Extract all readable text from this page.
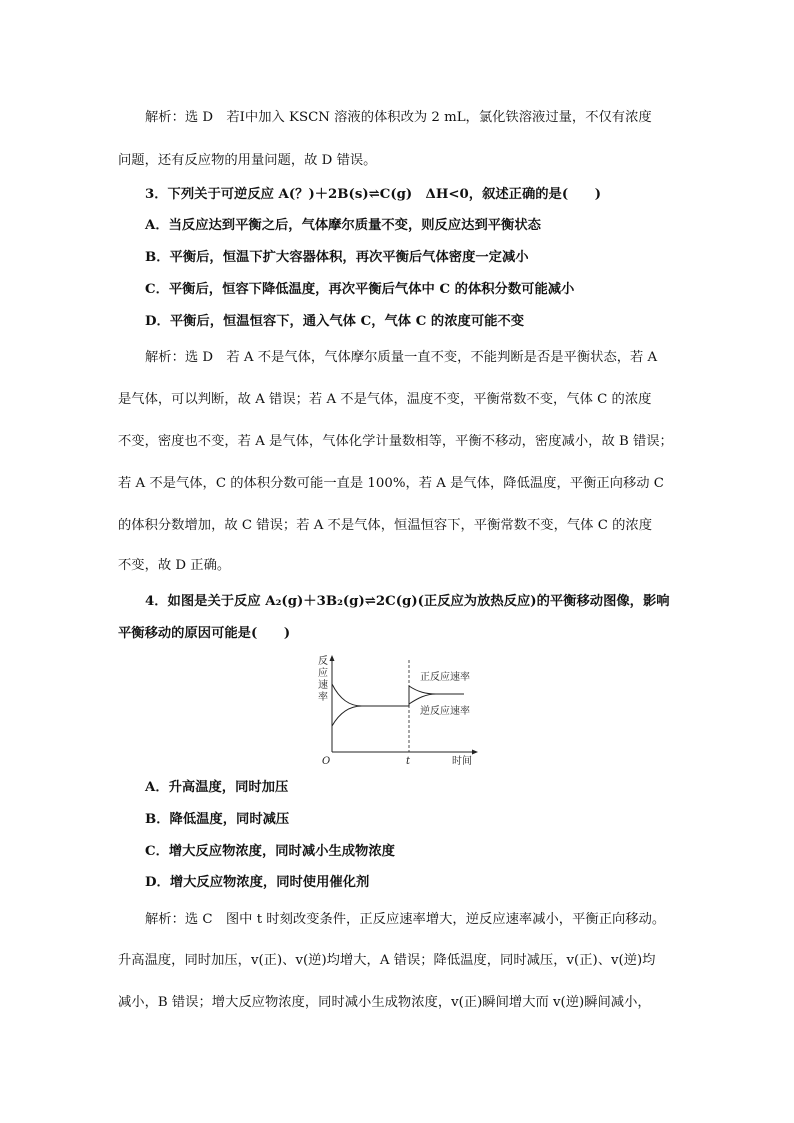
解析：选 D　若Ⅰ中加入 KSCN 溶液的体积改为 2 mL，氯化铁溶液过量，不仅有浓度
问题，还有反应物的用量问题，故 D 错误。
3．下列关于可逆反应 A(？)＋2B(s)⇌C(g)　ΔH<0，叙述正确的是(　　)
A．当反应达到平衡之后，气体摩尔质量不变，则反应达到平衡状态
B．平衡后，恒温下扩大容器体积，再次平衡后气体密度一定减小
C．平衡后，恒容下降低温度，再次平衡后气体中 C 的体积分数可能减小
D．平衡后，恒温恒容下，通入气体 C，气体 C 的浓度可能不变
解析：选 D　若 A 不是气体，气体摩尔质量一直不变，不能判断是否是平衡状态，若 A
是气体，可以判断，故 A 错误；若 A 不是气体，温度不变，平衡常数不变，气体 C 的浓度
不变，密度也不变，若 A 是气体，气体化学计量数相等，平衡不移动，密度减小，故 B 错误；
若 A 不是气体，C 的体积分数可能一直是 100%，若 A 是气体，降低温度，平衡正向移动 C
的体积分数增加，故 C 错误；若 A 不是气体，恒温恒容下，平衡常数不变，气体 C 的浓度
不变，故 D 正确。
4．如图是关于反应 A₂(g)＋3B₂(g)⇌2C(g)(正反应为放热反应)的平衡移动图像，影响
平衡移动的原因可能是(　　)
反
应
速
率
正反应速率
逆反应速率
O	t	时间
A．升高温度，同时加压
B．降低温度，同时减压
C．增大反应物浓度，同时减小生成物浓度
D．增大反应物浓度，同时使用催化剂
解析：选 C　图中 t 时刻改变条件，正反应速率增大，逆反应速率减小，平衡正向移动。
升高温度，同时加压，v(正)、v(逆)均增大，A 错误；降低温度，同时减压，v(正)、v(逆)均
减小，B 错误；增大反应物浓度，同时减小生成物浓度，v(正)瞬间增大而 v(逆)瞬间减小，
